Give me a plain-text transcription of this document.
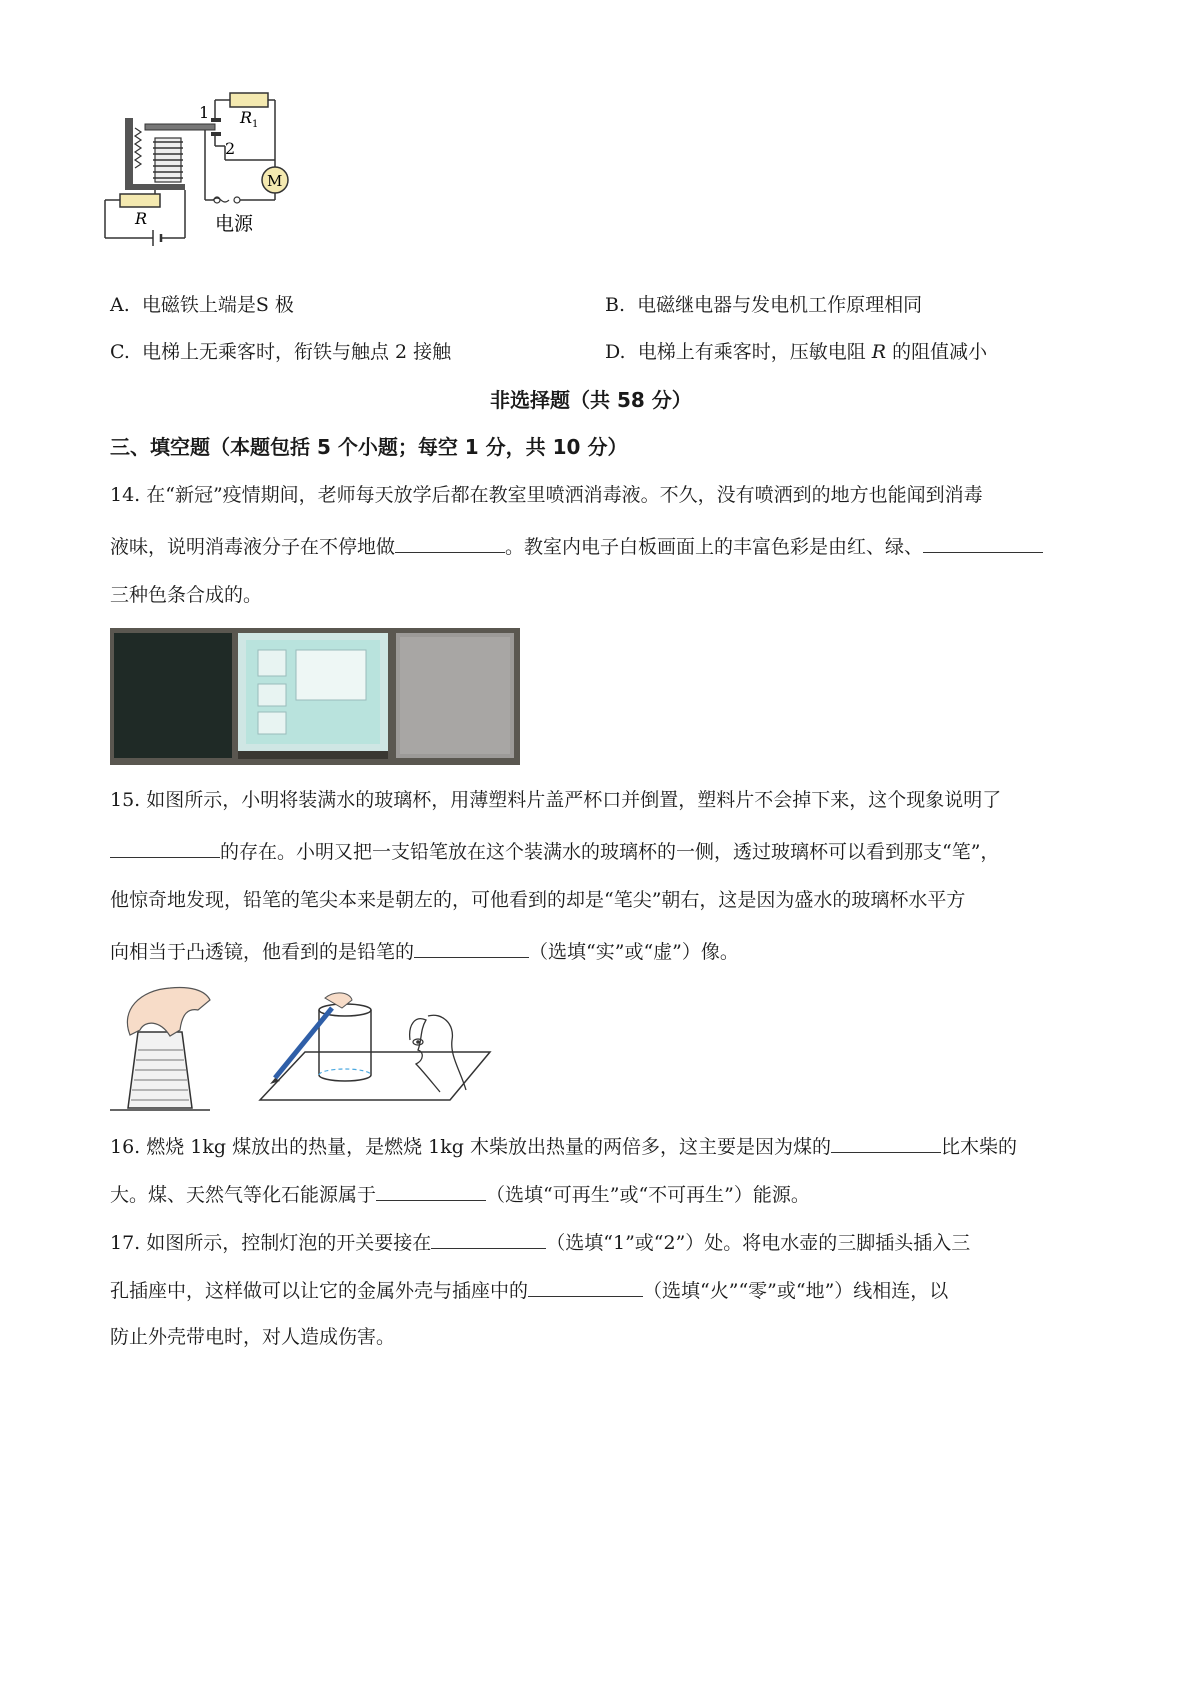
1
2
$R_1$
M
R	电源
A. 电磁铁上端是S 极	B. 电磁继电器与发电机工作原理相同
C. 电梯上无乘客时，衔铁与触点 2 接触	D. 电梯上有乘客时，压敏电阻 R 的阻值减小
非选择题（共 58 分）
三、填空题（本题包括 5 个小题；每空 1 分，共 10 分）
14. 在“新冠”疫情期间，老师每天放学后都在教室里喷洒消毒液。不久，没有喷洒到的地方也能闻到消毒
液味，说明消毒液分子在不停地做	。教室内电子白板画面上的丰富色彩是由红、绿、
三种色条合成的。
15. 如图所示，小明将装满水的玻璃杯，用薄塑料片盖严杯口并倒置，塑料片不会掉下来，这个现象说明了
的存在。小明又把一支铅笔放在这个装满水的玻璃杯的一侧，透过玻璃杯可以看到那支“笔”，
他惊奇地发现，铅笔的笔尖本来是朝左的，可他看到的却是“笔尖”朝右，这是因为盛水的玻璃杯水平方
向相当于凸透镜，他看到的是铅笔的	（选填“实”或“虚”）像。
16. 燃烧 1kg 煤放出的热量，是燃烧 1kg 木柴放出热量的两倍多，这主要是因为煤的	比木柴的
大。煤、天然气等化石能源属于	（选填“可再生”或“不可再生”）能源。
17. 如图所示，控制灯泡的开关要接在	（选填“1”或“2”）处。将电水壶的三脚插头插入三
孔插座中，这样做可以让它的金属外壳与插座中的	（选填“火”“零”或“地”）线相连，以
防止外壳带电时，对人造成伤害。
